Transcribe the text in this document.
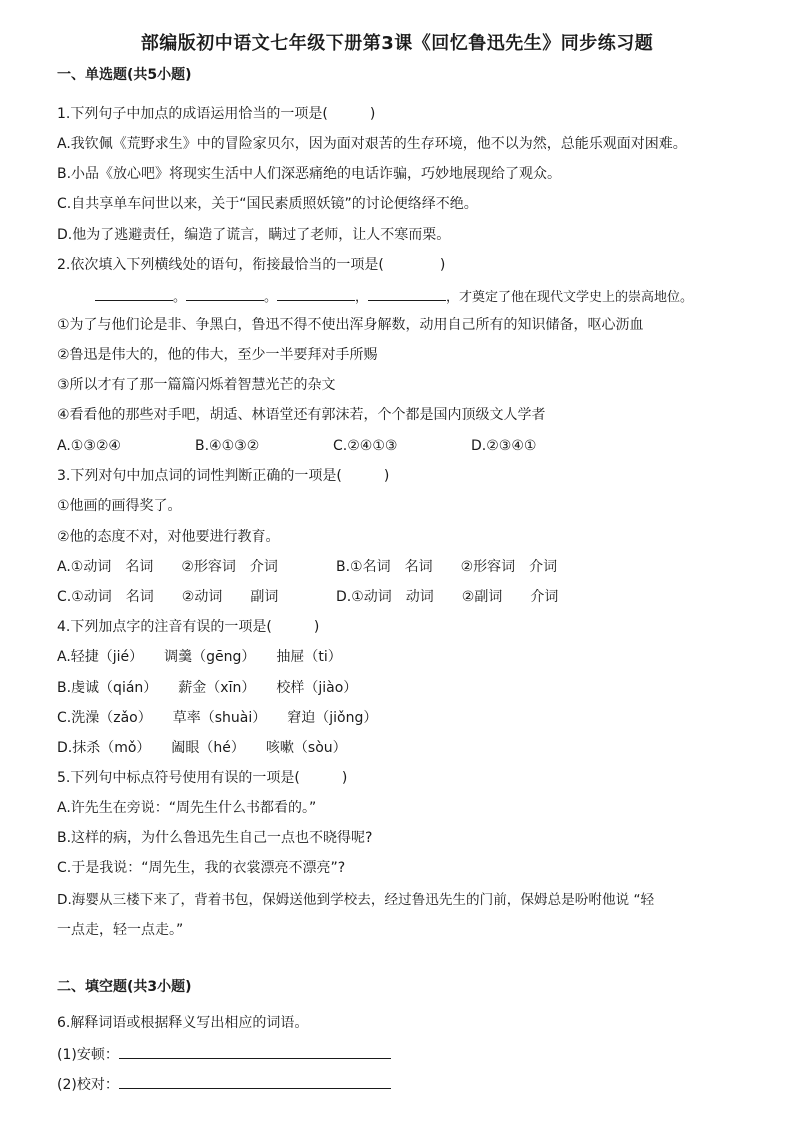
部编版初中语文七年级下册第3课《回忆鲁迅先生》同步练习题
一、单选题(共5小题)
1.下列句子中加点的成语运用恰当的一项是(　　　)
A.我钦佩《荒野求生》中的冒险家贝尔，因为面对艰苦的生存环境，他不以为然，总能乐观面对困难。
B.小品《放心吧》将现实生活中人们深恶痛绝的电话诈骗，巧妙地展现给了观众。
C.自共享单车问世以来，关于“国民素质照妖镜”的讨论便络绎不绝。
D.他为了逃避责任，编造了谎言，瞒过了老师，让人不寒而栗。
2.依次填入下列横线处的语句，衔接最恰当的一项是(　　　　)
。	。	，	，才奠定了他在现代文学史上的崇高地位。
①为了与他们论是非、争黑白，鲁迅不得不使出浑身解数，动用自己所有的知识储备，呕心沥血
②鲁迅是伟大的，他的伟大，至少一半要拜对手所赐
③所以才有了那一篇篇闪烁着智慧光芒的杂文
④看看他的那些对手吧，胡适、林语堂还有郭沫若，个个都是国内顶级文人学者
A.①③②④	B.④①③②	C.②④①③	D.②③④①
3.下列对句中加点词的词性判断正确的一项是(　　　)
①他画的画得奖了。
②他的态度不对，对他要进行教育。
A.①动词　名词　　②形容词　介词	B.①名词　名词　　②形容词　介词
C.①动词　名词　　②动词　　副词	D.①动词　动词　　②副词　　介词
4.下列加点字的注音有误的一项是(　　　)
A.轻捷（jié）　　调羹（gēng）　　抽屉（ti）
B.虔诚（qián）　　薪金（xīn）　　校样（jiào）
C.洗澡（zǎo）　　草率（shuài）　　窘迫（jiǒng）
D.抹杀（mǒ）　　阖眼（hé）　　咳嗽（sòu）
5.下列句中标点符号使用有误的一项是(　　　)
A.许先生在旁说：“周先生什么书都看的。”
B.这样的病，为什么鲁迅先生自己一点也不晓得呢?
C.于是我说：“周先生，我的衣裳漂亮不漂亮”?
D.海婴从三楼下来了，背着书包，保姆送他到学校去，经过鲁迅先生的门前，保姆总是吩咐他说 “轻
一点走，轻一点走。”
二、填空题(共3小题)
6.解释词语或根据释义写出相应的词语。
(1)安顿：
(2)校对：
